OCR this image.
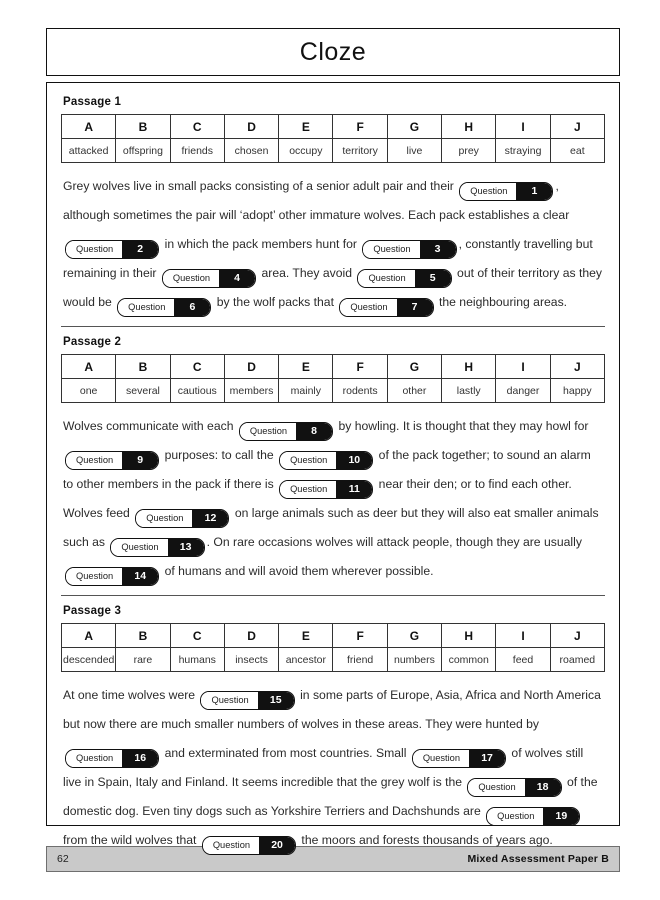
Cloze
Passage 1
A	B	C	D	E	F	G	H	I	J
attacked	offspring	friends	chosen	occupy	territory	live	prey	straying	eat
Grey wolves live in small packs consisting of a senior adult pair and their	Question	1	, although sometimes the pair will ‘adopt’ other immature wolves. Each pack establishes a clear
Question	2	in which the pack members hunt for	Question	3	, constantly travelling but remaining in their	Question	4	area. They avoid	Question	5	out of their territory as they would be	Question	6	by the wolf packs that	Question	7	the neighbouring areas.
Passage 2
A	B	C	D	E	F	G	H	I	J
one	several	cautious	members	mainly	rodents	other	lastly	danger	happy
Wolves communicate with each	Question	8	by howling. It is thought that they may howl for
Question	9	purposes: to call the	Question	10	of the pack together; to sound an alarm to other members in the pack if there is	Question	11	near their den; or to find each other. Wolves feed	Question	12	on large animals such as deer but they will also eat smaller animals such as	Question	13	. On rare occasions wolves will attack people, though they are usually
Question	14	of humans and will avoid them wherever possible.
Passage 3
A	B	C	D	E	F	G	H	I	J
descended	rare	humans	insects	ancestor	friend	numbers	common	feed	roamed
At one time wolves were	Question	15	in some parts of Europe, Asia, Africa and North America but now there are much smaller numbers of wolves in these areas. They were hunted by
Question	16	and exterminated from most countries. Small	Question	17	of wolves still live in Spain, Italy and Finland. It seems incredible that the grey wolf is the	Question	18	of the domestic dog. Even tiny dogs such as Yorkshire Terriers and Dachshunds are	Question	19	from the wild wolves that	Question	20	the moors and forests thousands of years ago.
62	Mixed Assessment Paper B
